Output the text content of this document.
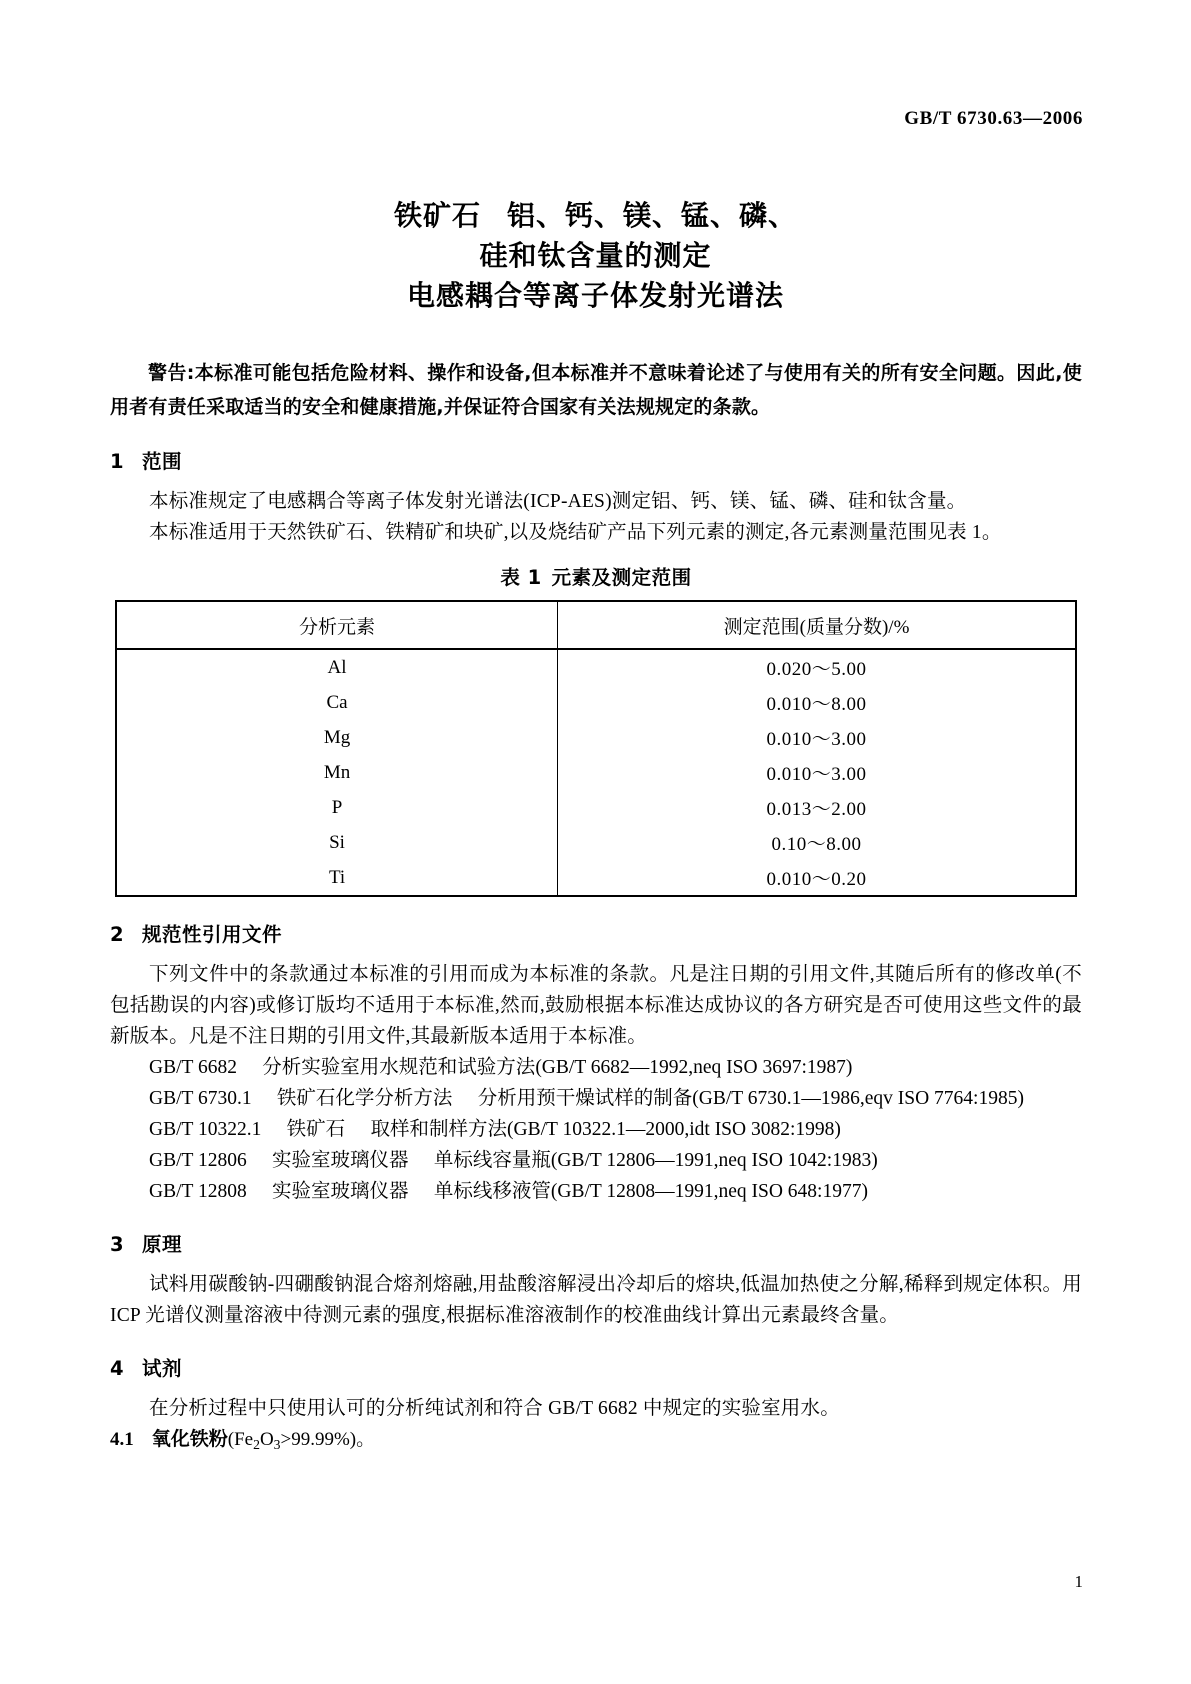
GB/T 6730.63—2006
铁矿石 铝、钙、镁、锰、磷、
硅和钛含量的测定
电感耦合等离子体发射光谱法

警告:本标准可能包括危险材料、操作和设备,但本标准并不意味着论述了与使用有关的所有安全问题。因此,使用者有责任采取适当的安全和健康措施,并保证符合国家有关法规规定的条款。

1 范围

本标准规定了电感耦合等离子体发射光谱法(ICP-AES)测定铝、钙、镁、锰、磷、硅和钛含量。

本标准适用于天然铁矿石、铁精矿和块矿,以及烧结矿产品下列元素的测定,各元素测量范围见表 1。

表 1 元素及测定范围
分析元素	测定范围(质量分数)/%
Al	0.020～5.00
Ca	0.010～8.00
Mg	0.010～3.00
Mn	0.010～3.00
P	0.013～2.00
Si	0.10～8.00
Ti	0.010～0.20
2 规范性引用文件

下列文件中的条款通过本标准的引用而成为本标准的条款。凡是注日期的引用文件,其随后所有的修改单(不包括勘误的内容)或修订版均不适用于本标准,然而,鼓励根据本标准达成协议的各方研究是否可使用这些文件的最新版本。凡是不注日期的引用文件,其最新版本适用于本标准。

GB/T 6682 分析实验室用水规范和试验方法(GB/T 6682—1992,neq ISO 3697:1987)

GB/T 6730.1 铁矿石化学分析方法 分析用预干燥试样的制备(GB/T 6730.1—1986,eqv ISO 7764:1985)

GB/T 10322.1 铁矿石 取样和制样方法(GB/T 10322.1—2000,idt ISO 3082:1998)

GB/T 12806 实验室玻璃仪器 单标线容量瓶(GB/T 12806—1991,neq ISO 1042:1983)

GB/T 12808 实验室玻璃仪器 单标线移液管(GB/T 12808—1991,neq ISO 648:1977)

3 原理

试料用碳酸钠-四硼酸钠混合熔剂熔融,用盐酸溶解浸出冷却后的熔块,低温加热使之分解,稀释到规定体积。用 ICP 光谱仪测量溶液中待测元素的强度,根据标准溶液制作的校准曲线计算出元素最终含量。

4 试剂

在分析过程中只使用认可的分析纯试剂和符合 GB/T 6682 中规定的实验室用水。

4.1 氧化铁粉$(Fe_2O_3>99.99\%)$。

1
